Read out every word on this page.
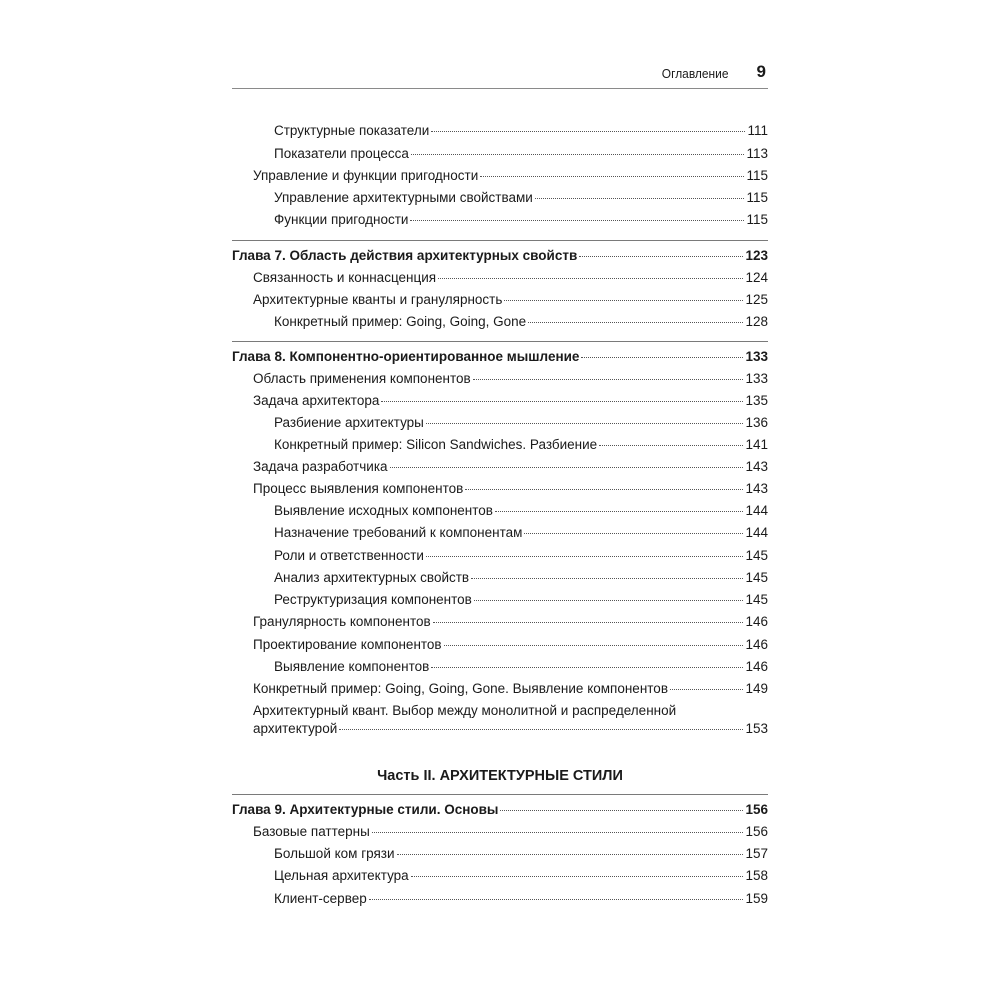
Оглавление 9
Структурные показатели	111
Показатели процесса	113
Управление и функции пригодности	115
Управление архитектурными свойствами	115
Функции пригодности	115
Глава 7. Область действия архитектурных свойств	123
Связанность и коннасценция	124
Архитектурные кванты и гранулярность	125
Конкретный пример: Going, Going, Gone	128
Глава 8. Компонентно-ориентированное мышление	133
Область применения компонентов	133
Задача архитектора	135
Разбиение архитектуры	136
Конкретный пример: Silicon Sandwiches. Разбиение	141
Задача разработчика	143
Процесс выявления компонентов	143
Выявление исходных компонентов	144
Назначение требований к компонентам	144
Роли и ответственности	145
Анализ архитектурных свойств	145
Реструктуризация компонентов	145
Гранулярность компонентов	146
Проектирование компонентов	146
Выявление компонентов	146
Конкретный пример: Going, Going, Gone. Выявление компонентов	149
Архитектурный квант. Выбор между монолитной и распределенной
архитектурой	153
Часть II. АРХИТЕКТУРНЫЕ СТИЛИ
Глава 9. Архитектурные стили. Основы	156
Базовые паттерны	156
Большой ком грязи	157
Цельная архитектура	158
Клиент-сервер	159
